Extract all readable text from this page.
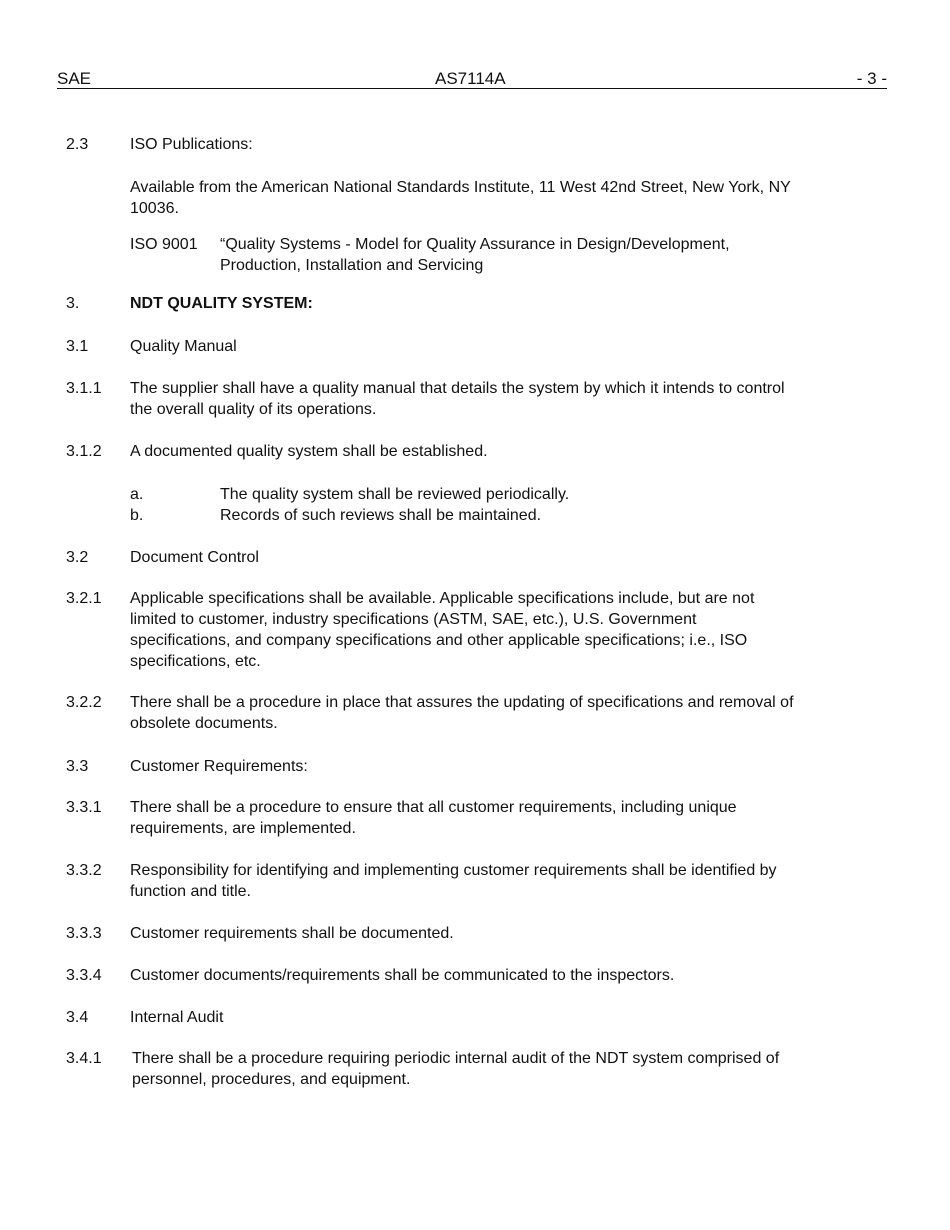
SAE	AS7114A	- 3 -
2.3	ISO Publications:
Available from the American National Standards Institute, 11 West 42nd Street, New York, NY
10036.
ISO 9001 “Quality Systems - Model for Quality Assurance in Design/Development,
Production, Installation and Servicing
3.	NDT QUALITY SYSTEM:
3.1	Quality Manual
3.1.1 The supplier shall have a quality manual that details the system by which it intends to control
the overall quality of its operations.
3.1.2 A documented quality system shall be established.
a.	The quality system shall be reviewed periodically.
b.	Records of such reviews shall be maintained.
3.2	Document Control
3.2.1 Applicable specifications shall be available. Applicable specifications include, but are not
limited to customer, industry specifications (ASTM, SAE, etc.), U.S. Government
specifications, and company specifications and other applicable specifications; i.e., ISO
specifications, etc.
3.2.2 There shall be a procedure in place that assures the updating of specifications and removal of
obsolete documents.
3.3	Customer Requirements:
3.3.1 There shall be a procedure to ensure that all customer requirements, including unique
requirements, are implemented.
3.3.2 Responsibility for identifying and implementing customer requirements shall be identified by
function and title.
3.3.3 Customer requirements shall be documented.
3.3.4 Customer documents/requirements shall be communicated to the inspectors.
3.4	Internal Audit
3.4.1 There shall be a procedure requiring periodic internal audit of the NDT system comprised of
personnel, procedures, and equipment.
